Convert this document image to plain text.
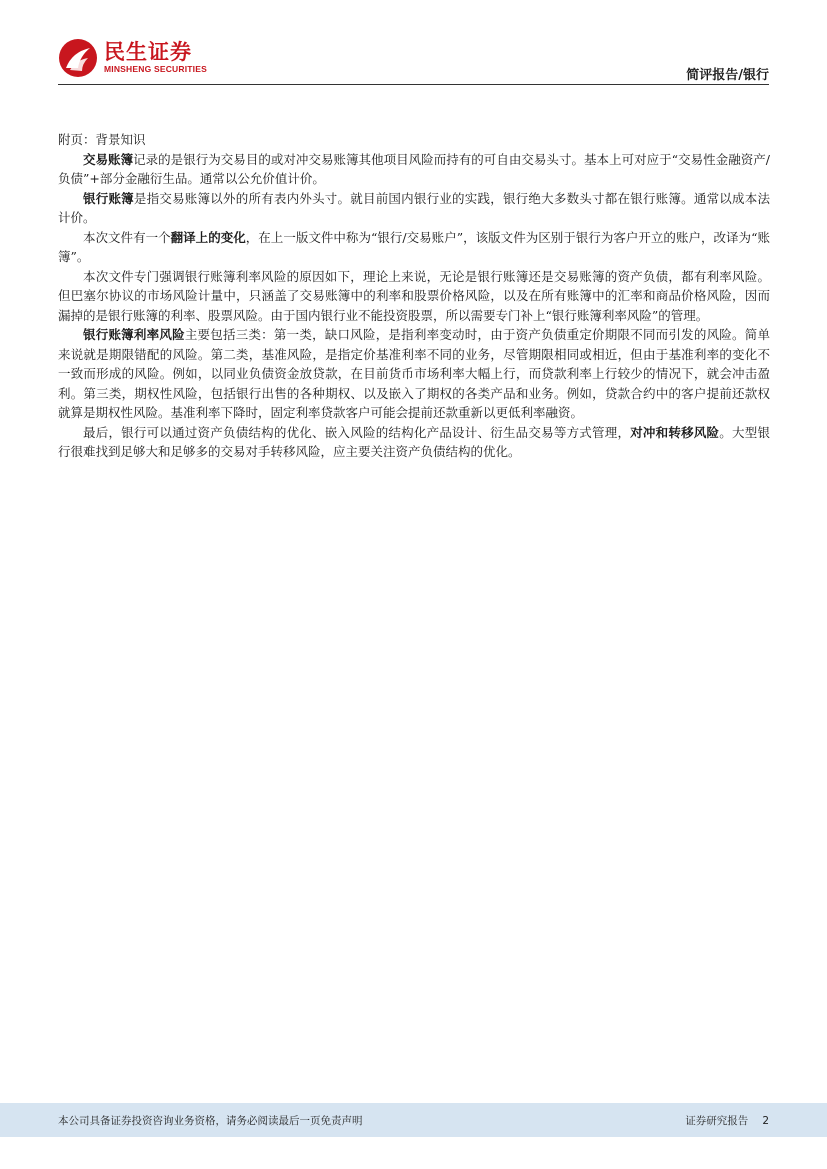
民生证券
MINSHENG SECURITIES	简评报告/银行

附页：背景知识

交易账簿记录的是银行为交易目的或对冲交易账簿其他项目风险而持有的可自由交易头寸。基本上可对应于“交易性金融资产/负债”+部分金融衍生品。通常以公允价值计价。

银行账簿是指交易账簿以外的所有表内外头寸。就目前国内银行业的实践，银行绝大多数头寸都在银行账簿。通常以成本法计价。

本次文件有一个翻译上的变化，在上一版文件中称为“银行/交易账户”，该版文件为区别于银行为客户开立的账户，改译为“账簿”。

本次文件专门强调银行账簿利率风险的原因如下，理论上来说，无论是银行账簿还是交易账簿的资产负债，都有利率风险。但巴塞尔协议的市场风险计量中，只涵盖了交易账簿中的利率和股票价格风险，以及在所有账簿中的汇率和商品价格风险，因而漏掉的是银行账簿的利率、股票风险。由于国内银行业不能投资股票，所以需要专门补上“银行账簿利率风险”的管理。

银行账簿利率风险主要包括三类：第一类，缺口风险，是指利率变动时，由于资产负债重定价期限不同而引发的风险。简单来说就是期限错配的风险。第二类，基准风险，是指定价基准利率不同的业务，尽管期限相同或相近，但由于基准利率的变化不一致而形成的风险。例如，以同业负债资金放贷款，在目前货币市场利率大幅上行，而贷款利率上行较少的情况下，就会冲击盈利。第三类，期权性风险，包括银行出售的各种期权、以及嵌入了期权的各类产品和业务。例如，贷款合约中的客户提前还款权就算是期权性风险。基准利率下降时，固定利率贷款客户可能会提前还款重新以更低利率融资。

最后，银行可以通过资产负债结构的优化、嵌入风险的结构化产品设计、衍生品交易等方式管理，对冲和转移风险。大型银行很难找到足够大和足够多的交易对手转移风险，应主要关注资产负债结构的优化。

本公司具备证券投资咨询业务资格，请务必阅读最后一页免责声明	证券研究报告 2
